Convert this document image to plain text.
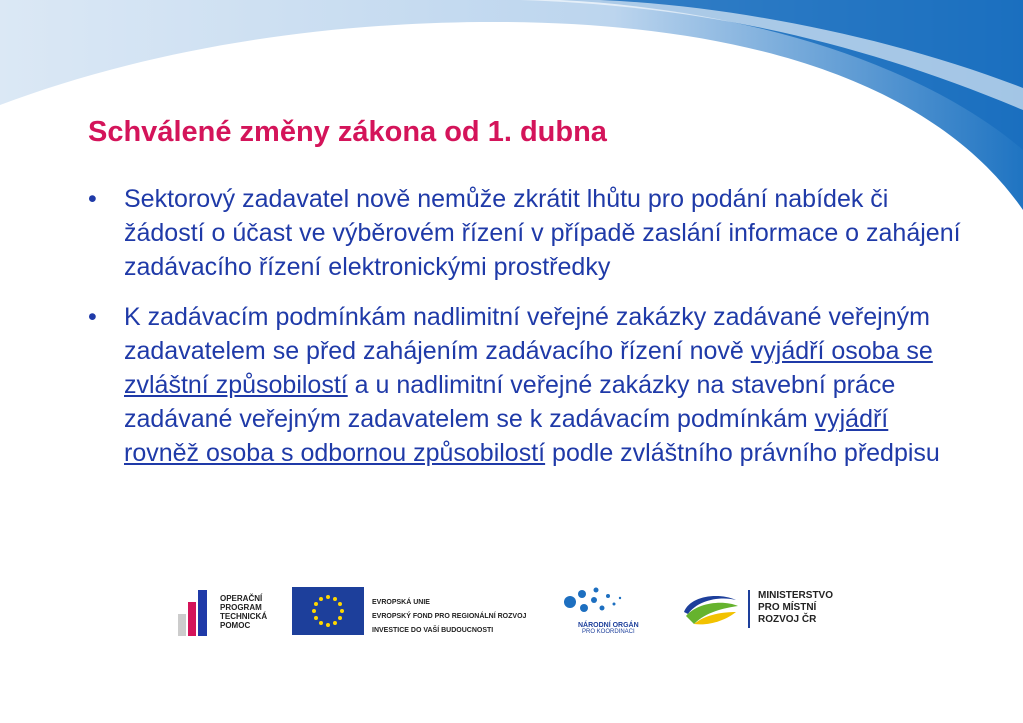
Schválené změny zákona od 1. dubna
•	Sektorový zadavatel nově nemůže zkrátit lhůtu pro podání nabídek či žádostí o účast ve výběrovém řízení v případě zaslání informace o zahájení zadávacího řízení elektronickými prostředky
•	K zadávacím podmínkám nadlimitní veřejné zakázky zadávané veřejným zadavatelem se před zahájením zadávacího řízení nově vyjádří osoba se zvláštní způsobilostí a u nadlimitní veřejné zakázky na stavební práce zadávané veřejným zadavatelem se k zadávacím podmínkám vyjádří rovněž osoba s odbornou způsobilostí podle zvláštního právního předpisu
OPERAČNÍ
PROGRAM
TECHNICKÁ
POMOC
EVROPSKÁ UNIE
EVROPSKÝ FOND PRO REGIONÁLNÍ ROZVOJ
INVESTICE DO VAŠÍ BUDOUCNOSTI
NÁRODNÍ ORGÁN
PRO KOORDINACI
MINISTERSTVO
PRO MÍSTNÍ
ROZVOJ ČR
